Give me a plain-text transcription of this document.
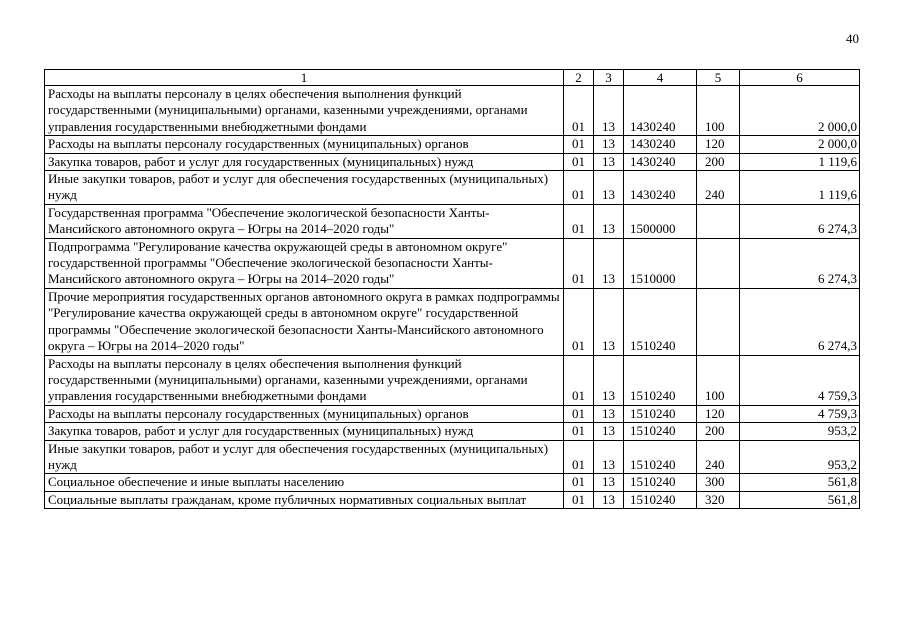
40
1	2	3	4	5	6
Расходы на выплаты персоналу в целях обеспечения выполнения функций государственными (муниципальными) органами, казенными учреждениями, органами управления государственными внебюджетными фондами	01	13	1430240	100	2 000,0
Расходы на выплаты персоналу государственных (муниципальных) органов	01	13	1430240	120	2 000,0
Закупка товаров, работ и услуг для государственных (муниципальных) нужд	01	13	1430240	200	1 119,6
Иные закупки товаров, работ и услуг для обеспечения государственных (муниципальных) нужд	01	13	1430240	240	1 119,6
Государственная программа "Обеспечение экологической безопасности Ханты-Мансийского автономного округа – Югры на 2014–2020 годы"	01	13	1500000		6 274,3
Подпрограмма "Регулирование качества окружающей среды в автономном округе" государственной программы "Обеспечение экологической безопасности Ханты-Мансийского автономного округа – Югры на 2014–2020 годы"	01	13	1510000		6 274,3
Прочие мероприятия государственных органов автономного округа в рамках подпрограммы "Регулирование качества окружающей среды в автономном округе" государственной программы "Обеспечение экологической безопасности Ханты-Мансийского автономного округа – Югры на 2014–2020 годы"	01	13	1510240		6 274,3
Расходы на выплаты персоналу в целях обеспечения выполнения функций государственными (муниципальными) органами, казенными учреждениями, органами управления государственными внебюджетными фондами	01	13	1510240	100	4 759,3
Расходы на выплаты персоналу государственных (муниципальных) органов	01	13	1510240	120	4 759,3
Закупка товаров, работ и услуг для государственных (муниципальных) нужд	01	13	1510240	200	953,2
Иные закупки товаров, работ и услуг для обеспечения государственных (муниципальных) нужд	01	13	1510240	240	953,2
Социальное обеспечение и иные выплаты населению	01	13	1510240	300	561,8
Социальные выплаты гражданам, кроме публичных нормативных социальных выплат	01	13	1510240	320	561,8
